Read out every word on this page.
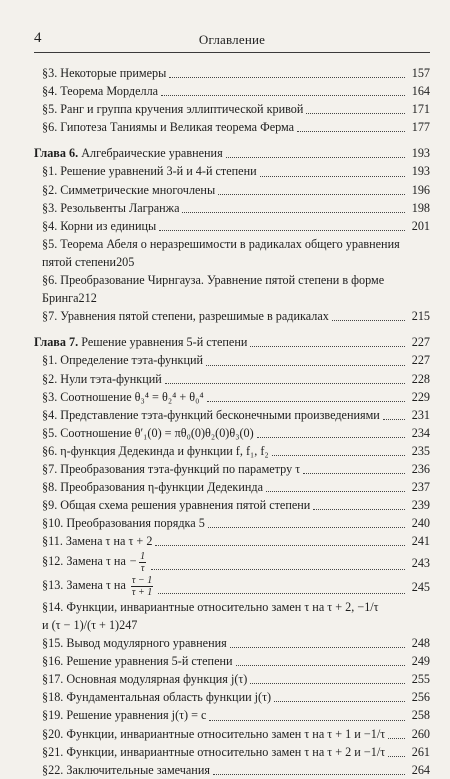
4	Оглавление
§3. Некоторые примеры	157
§4. Теорема Морделла	164
§5. Ранг и группа кручения эллиптической кривой	171
§6. Гипотеза Таниямы и Великая теорема Ферма	177
Глава 6. Алгебраические уравнения	193
§1. Решение уравнений 3-й и 4-й степени	193
§2. Симметрические многочлены	196
§3. Резольвенты Лагранжа	198
§4. Корни из единицы	201
§5. Теорема Абеля о неразрешимости в радикалах общего уравнения
пятой степени 205
§6. Преобразование Чирнгауза. Уравнение пятой степени в форме
Бринга 212
§7. Уравнения пятой степени, разрешимые в радикалах	215
Глава 7. Решение уравнения 5-й степени	227
§1. Определение тэта-функций	227
§2. Нули тэта-функций	228
§3. Соотношение θ₃⁴ = θ₂⁴ + θ₀⁴	229
§4. Представление тэта-функций бесконечными произведениями	231
§5. Соотношение θ′₁(0) = πθ₀(0)θ₂(0)θ₃(0)	234
§6. η-функция Дедекинда и функции f, f₁, f₂	235
§7. Преобразования тэта-функций по параметру τ	236
§8. Преобразования η-функции Дедекинда	237
§9. Общая схема решения уравнения пятой степени	239
§10. Преобразования порядка 5	240
§11. Замена τ на τ + 2	241
§12. Замена τ на − $\frac{1}{\tau}$	243
§13. Замена τ на $\frac{\tau - 1}{\tau + 1}$	245
§14. Функции, инвариантные относительно замен τ на τ + 2, −1/τ
и (τ − 1)/(τ + 1) 247
§15. Вывод модулярного уравнения	248
§16. Решение уравнения 5-й степени	249
§17. Основная модулярная функция j(τ)	255
§18. Фундаментальная область функции j(τ)	256
§19. Решение уравнения j(τ) = c	258
§20. Функции, инвариантные относительно замен τ на τ + 1 и −1/τ	260
§21. Функции, инвариантные относительно замен τ на τ + 2 и −1/τ	261
§22. Заключительные замечания	264
